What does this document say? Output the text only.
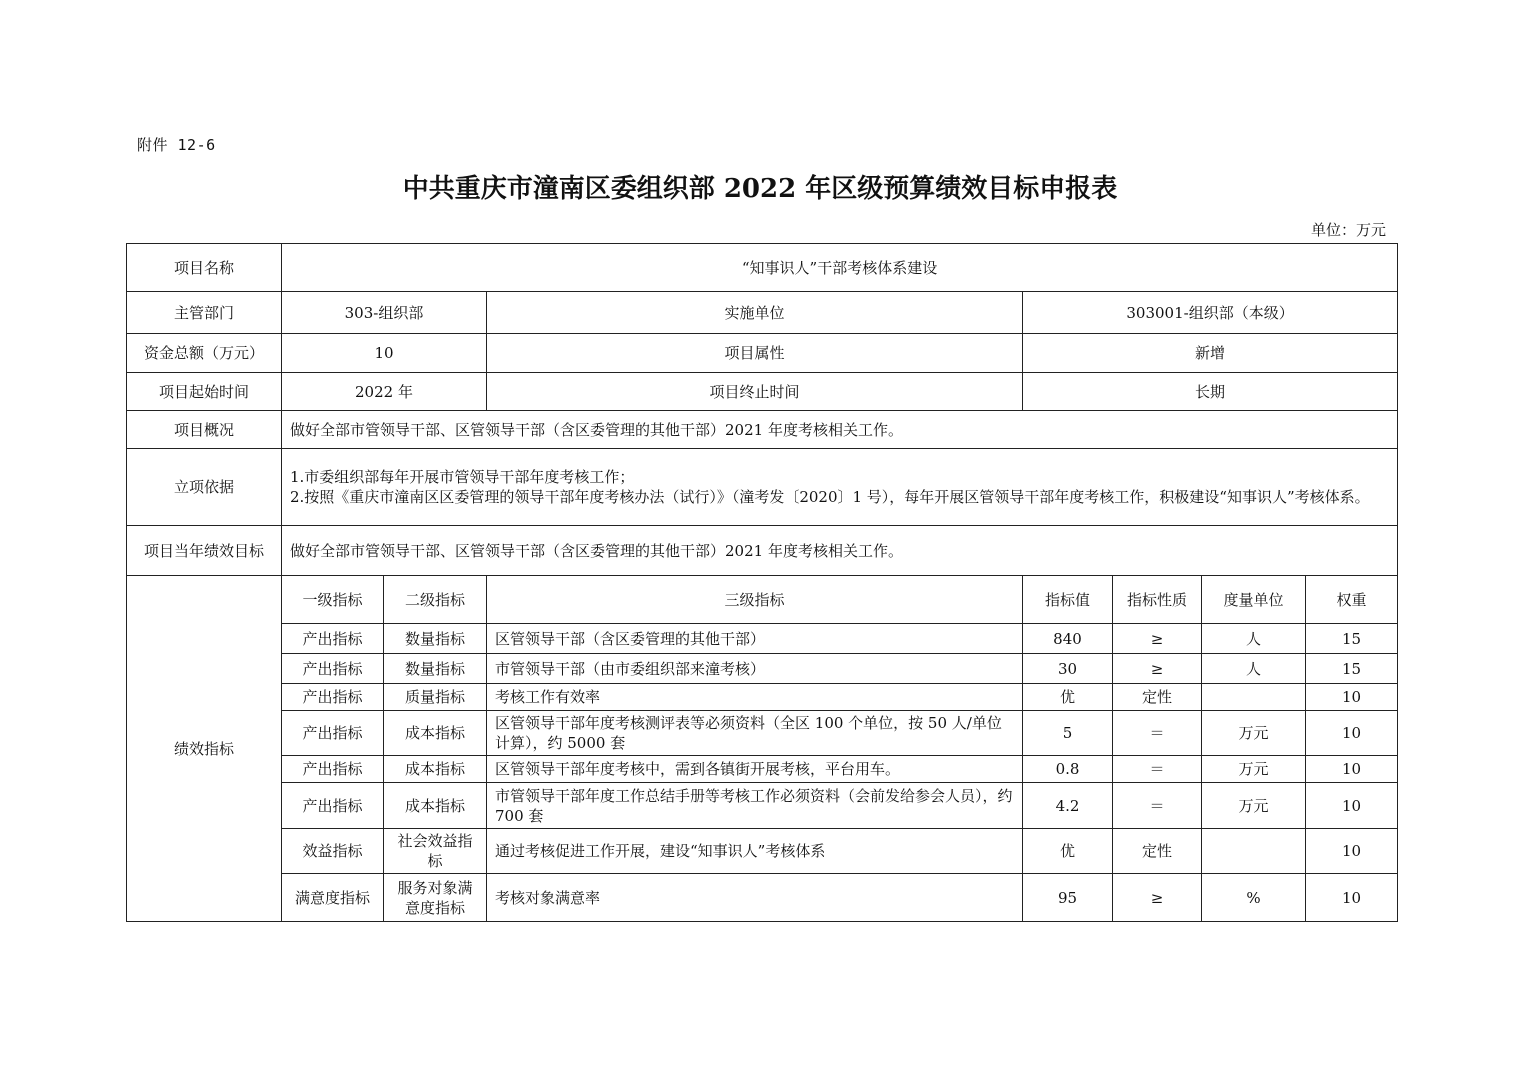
附件 12-6
中共重庆市潼南区委组织部 2022 年区级预算绩效目标申报表
单位：万元
项目名称	“知事识人”干部考核体系建设						
主管部门	303-组织部		实施单位	303001-组织部（本级）			
资金总额（万元）	10		项目属性	新增			
项目起始时间	2022 年		项目终止时间	长期			
项目概况	做好全部市管领导干部、区管领导干部（含区委管理的其他干部）2021 年度考核相关工作。						
立项依据	1.市委组织部每年开展市管领导干部年度考核工作；
2.按照《重庆市潼南区区委管理的领导干部年度考核办法（试行）》（潼考发〔2020〕1 号），每年开展区管领导干部年度考核工作，积极建设“知事识人”考核体系。						

项目当年绩效目标	做好全部市管领导干部、区管领导干部（含区委管理的其他干部）2021 年度考核相关工作。						
绩效指标	一级指标	二级指标	三级指标	指标值	指标性质	度量单位	权重
	产出指标	数量指标	区管领导干部（含区委管理的其他干部）	840	≥	人	15
	产出指标	数量指标	市管领导干部（由市委组织部来潼考核）	30	≥	人	15
	产出指标	质量指标	考核工作有效率	优	定性		10
	产出指标	成本指标	区管领导干部年度考核测评表等必须资料（全区 100 个单位，按 50 人/单位计算），约 5000 套	5	＝	万元	10
	产出指标	成本指标	区管领导干部年度考核中，需到各镇街开展考核，平台用车。	0.8	＝	万元	10
	产出指标	成本指标	市管领导干部年度工作总结手册等考核工作必须资料（会前发给参会人员），约 700 套	4.2	＝	万元	10
	效益指标	社会效益指标	通过考核促进工作开展，建设“知事识人”考核体系	优	定性		10
	满意度指标	服务对象满意度指标	考核对象满意率	95	≥	%	10
